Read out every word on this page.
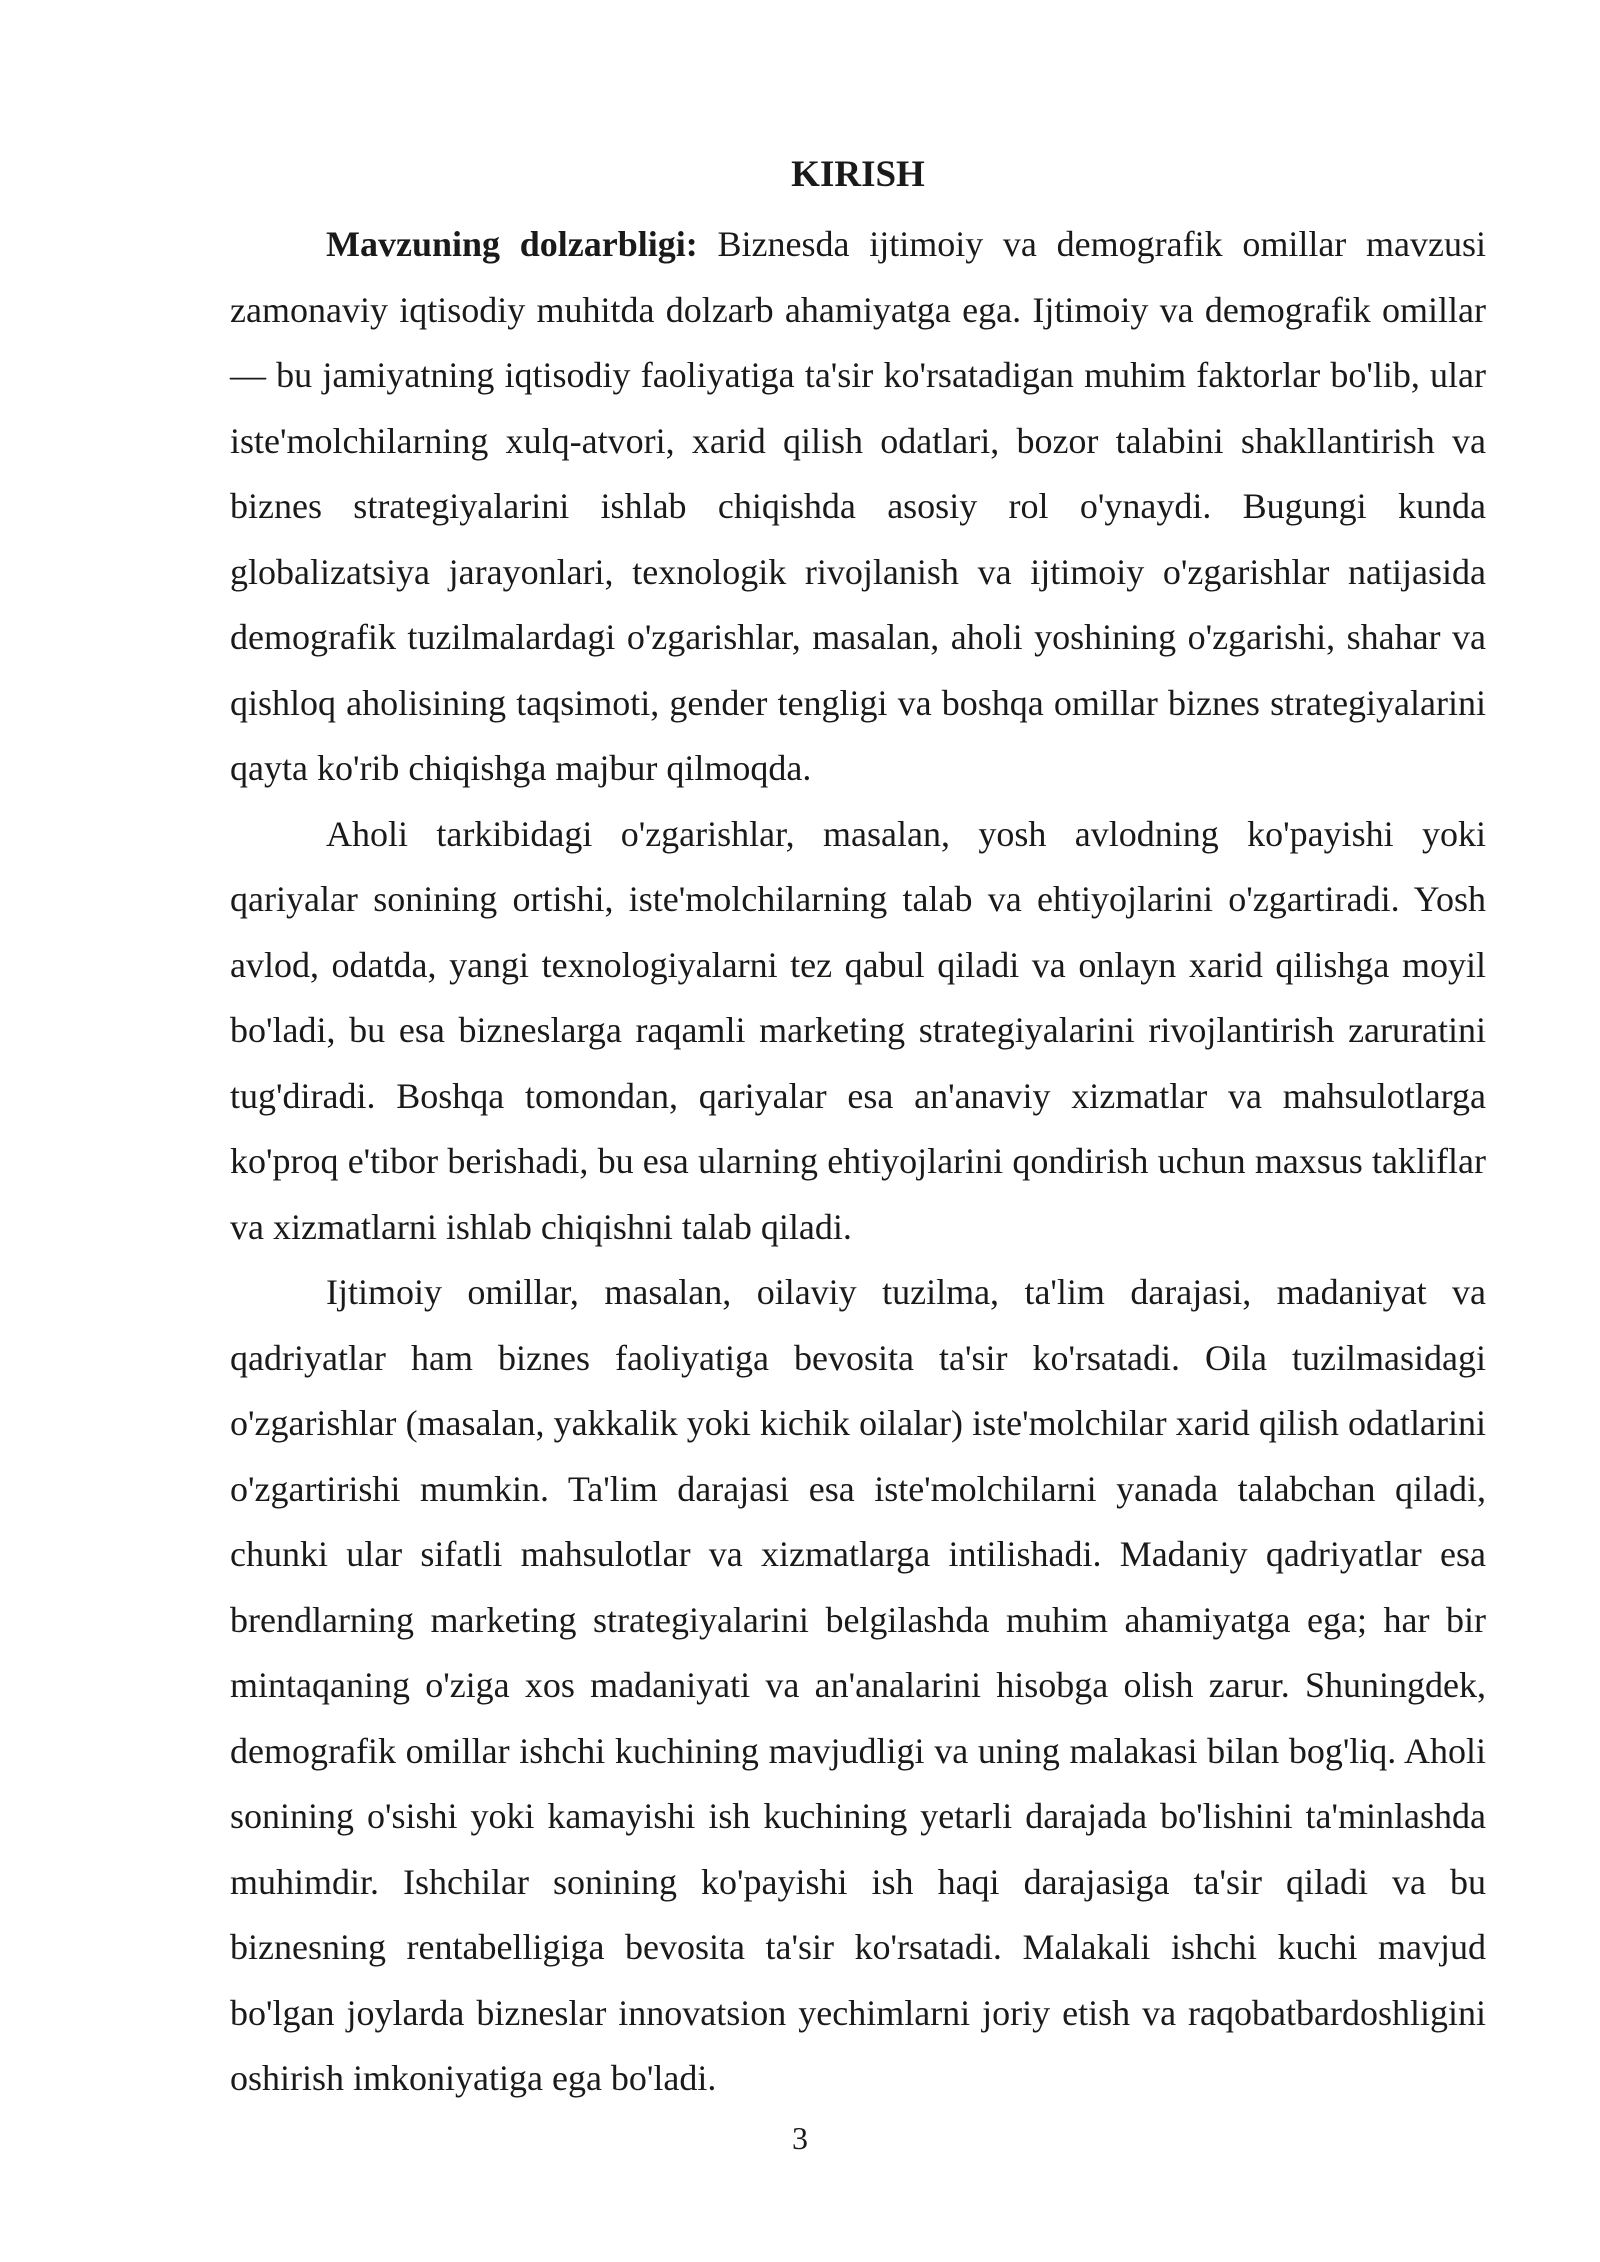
KIRISH

Mavzuning dolzarbligi: Biznesda ijtimoiy va demografik omillar mavzusi zamonaviy iqtisodiy muhitda dolzarb ahamiyatga ega. Ijtimoiy va demografik omillar — bu jamiyatning iqtisodiy faoliyatiga ta'sir ko'rsatadigan muhim faktorlar bo'lib, ular iste'molchilarning xulq-atvori, xarid qilish odatlari, bozor talabini shakllantirish va biznes strategiyalarini ishlab chiqishda asosiy rol o'ynaydi. Bugungi kunda globalizatsiya jarayonlari, texnologik rivojlanish va ijtimoiy o'zgarishlar natijasida demografik tuzilmalardagi o'zgarishlar, masalan, aholi yoshining o'zgarishi, shahar va qishloq aholisining taqsimoti, gender tengligi va boshqa omillar biznes strategiyalarini qayta ko'rib chiqishga majbur qilmoqda.

Aholi tarkibidagi o'zgarishlar, masalan, yosh avlodning ko'payishi yoki qariyalar sonining ortishi, iste'molchilarning talab va ehtiyojlarini o'zgartiradi. Yosh avlod, odatda, yangi texnologiyalarni tez qabul qiladi va onlayn xarid qilishga moyil bo'ladi, bu esa bizneslarga raqamli marketing strategiyalarini rivojlantirish zaruratini tug'diradi. Boshqa tomondan, qariyalar esa an'anaviy xizmatlar va mahsulotlarga ko'proq e'tibor berishadi, bu esa ularning ehtiyojlarini qondirish uchun maxsus takliflar va xizmatlarni ishlab chiqishni talab qiladi.

Ijtimoiy omillar, masalan, oilaviy tuzilma, ta'lim darajasi, madaniyat va qadriyatlar ham biznes faoliyatiga bevosita ta'sir ko'rsatadi. Oila tuzilmasidagi o'zgarishlar (masalan, yakkalik yoki kichik oilalar) iste'molchilar xarid qilish odatlarini o'zgartirishi mumkin. Ta'lim darajasi esa iste'molchilarni yanada talabchan qiladi, chunki ular sifatli mahsulotlar va xizmatlarga intilishadi. Madaniy qadriyatlar esa brendlarning marketing strategiyalarini belgilashda muhim ahamiyatga ega; har bir mintaqaning o'ziga xos madaniyati va an'analarini hisobga olish zarur. Shuningdek, demografik omillar ishchi kuchining mavjudligi va uning malakasi bilan bog'liq. Aholi sonining o'sishi yoki kamayishi ish kuchining yetarli darajada bo'lishini ta'minlashda muhimdir. Ishchilar sonining ko'payishi ish haqi darajasiga ta'sir qiladi va bu biznesning rentabelligiga bevosita ta'sir ko'rsatadi. Malakali ishchi kuchi mavjud bo'lgan joylarda bizneslar innovatsion yechimlarni joriy etish va raqobatbardoshligini oshirish imkoniyatiga ega bo'ladi.

3
